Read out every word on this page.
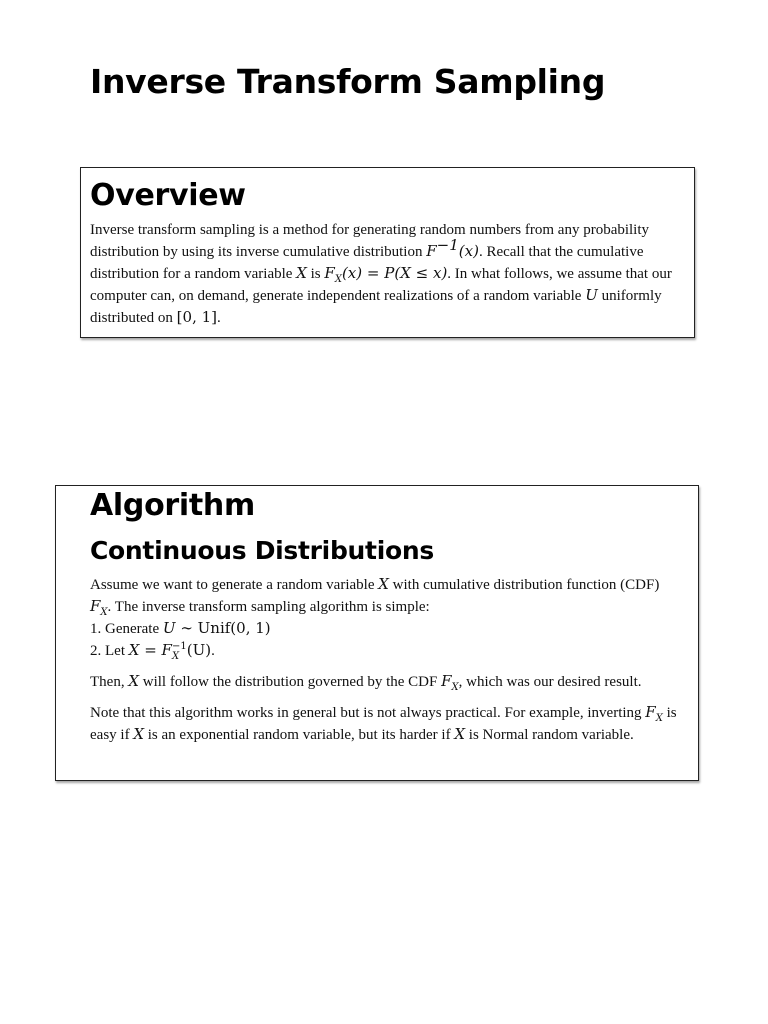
Inverse Transform Sampling
Overview

Inverse transform sampling is a method for generating random numbers from any probability distribution by using its inverse cumulative distribution $F^{-1}(x)$. Recall that the cumulative distribution for a random variable X is $F_X(x) = P(X \le x)$. In what follows, we assume that our computer can, on demand, generate independent realizations of a random variable U uniformly distributed on [0, 1].

Algorithm
Continuous Distributions

Assume we want to generate a random variable X with cumulative distribution function (CDF) $F_X$. The inverse transform sampling algorithm is simple:

1. Generate U ∼ Unif(0, 1)
2. Let X = F −1
X (U).

Then, X will follow the distribution governed by the CDF $F_X$, which was our desired result.

Note that this algorithm works in general but is not always practical. For example, inverting $F_X$ is easy if X is an exponential random variable, but its harder if X is Normal random variable.
